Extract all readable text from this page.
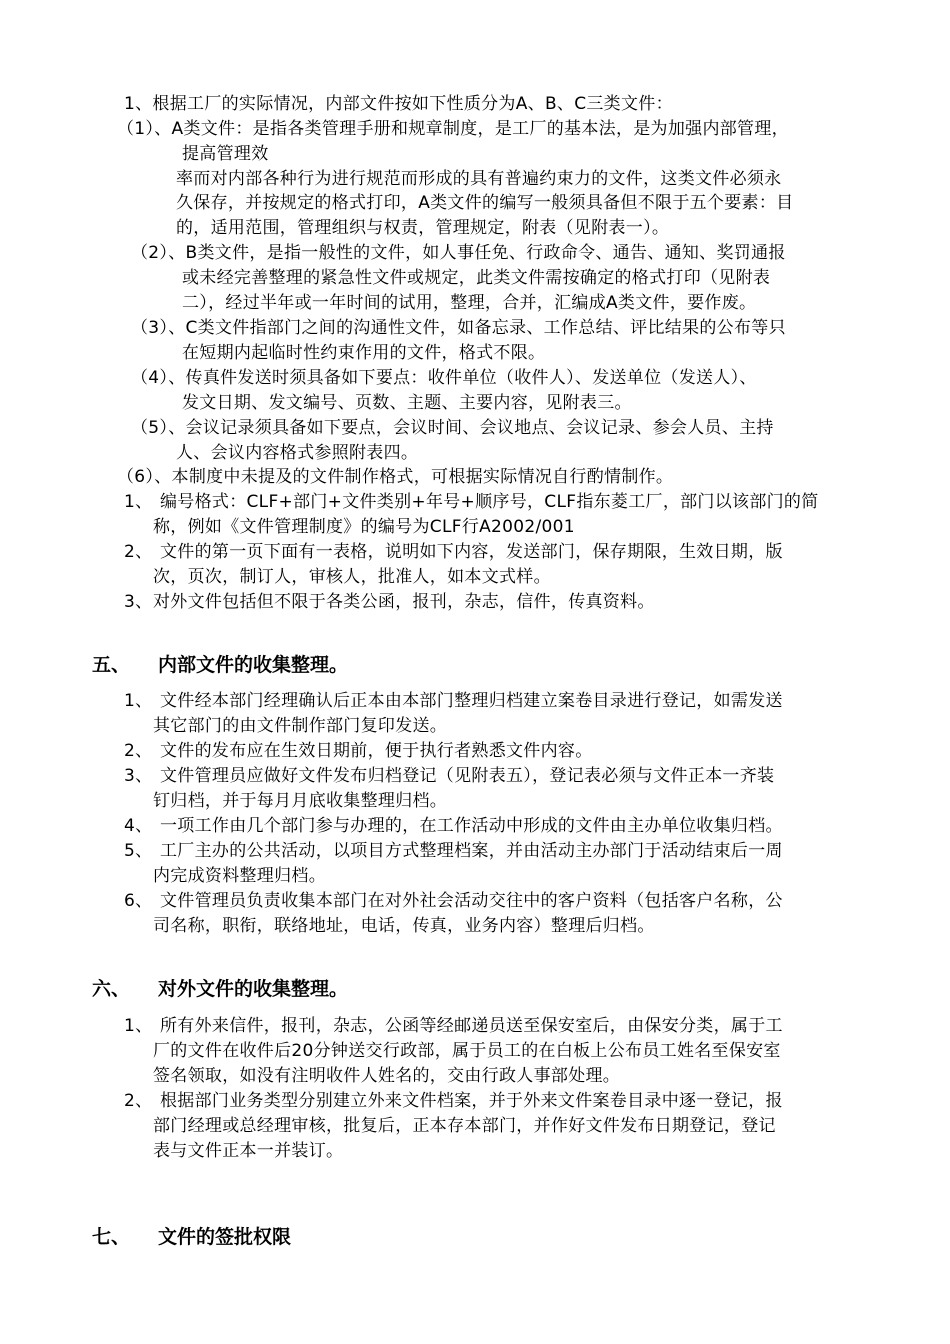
1、根据工厂的实际情况，内部文件按如下性质分为A、B、C三类文件：
（1）、A类文件：是指各类管理手册和规章制度，是工厂的基本法，是为加强内部管理，
提高管理效
率而对内部各种行为进行规范而形成的具有普遍约束力的文件，这类文件必须永
久保存，并按规定的格式打印，A类文件的编写一般须具备但不限于五个要素：目
的，适用范围，管理组织与权责，管理规定，附表（见附表一）。
（2）、B类文件，是指一般性的文件，如人事任免、行政命令、通告、通知、奖罚通报
或未经完善整理的紧急性文件或规定，此类文件需按确定的格式打印（见附表
二），经过半年或一年时间的试用，整理，合并，汇编成A类文件，要作废。
（3）、C类文件指部门之间的沟通性文件，如备忘录、工作总结、评比结果的公布等只
在短期内起临时性约束作用的文件，格式不限。
（4）、传真件发送时须具备如下要点：收件单位（收件人）、发送单位（发送人）、
发文日期、发文编号、页数、主题、主要内容，见附表三。
（5）、会议记录须具备如下要点，会议时间、会议地点、会议记录、参会人员、主持
人、会议内容格式参照附表四。
（6）、本制度中未提及的文件制作格式，可根据实际情况自行酌情制作。
1、 编号格式：CLF+部门+文件类别+年号+顺序号，CLF指东菱工厂，部门以该部门的简
称，例如《文件管理制度》的编号为CLF行A2002/001
2、 文件的第一页下面有一表格，说明如下内容，发送部门，保存期限，生效日期，版
次，页次，制订人，审核人，批准人，如本文式样。
3、 对外文件包括但不限于各类公函，报刊，杂志，信件，传真资料。
五、 内部文件的收集整理。
1、 文件经本部门经理确认后正本由本部门整理归档建立案卷目录进行登记，如需发送
其它部门的由文件制作部门复印发送。
2、 文件的发布应在生效日期前，便于执行者熟悉文件内容。
3、 文件管理员应做好文件发布归档登记（见附表五），登记表必须与文件正本一齐装
钉归档，并于每月月底收集整理归档。
4、 一项工作由几个部门参与办理的，在工作活动中形成的文件由主办单位收集归档。
5、 工厂主办的公共活动，以项目方式整理档案，并由活动主办部门于活动结束后一周
内完成资料整理归档。
6、 文件管理员负责收集本部门在对外社会活动交往中的客户资料（包括客户名称，公
司名称，职衔，联络地址，电话，传真，业务内容）整理后归档。
六、 对外文件的收集整理。
1、 所有外来信件，报刊，杂志，公函等经邮递员送至保安室后，由保安分类，属于工
厂的文件在收件后20分钟送交行政部，属于员工的在白板上公布员工姓名至保安室
签名领取，如没有注明收件人姓名的，交由行政人事部处理。
2、 根据部门业务类型分别建立外来文件档案，并于外来文件案卷目录中逐一登记，报
部门经理或总经理审核，批复后，正本存本部门，并作好文件发布日期登记，登记
表与文件正本一并装订。
七、 文件的签批权限
